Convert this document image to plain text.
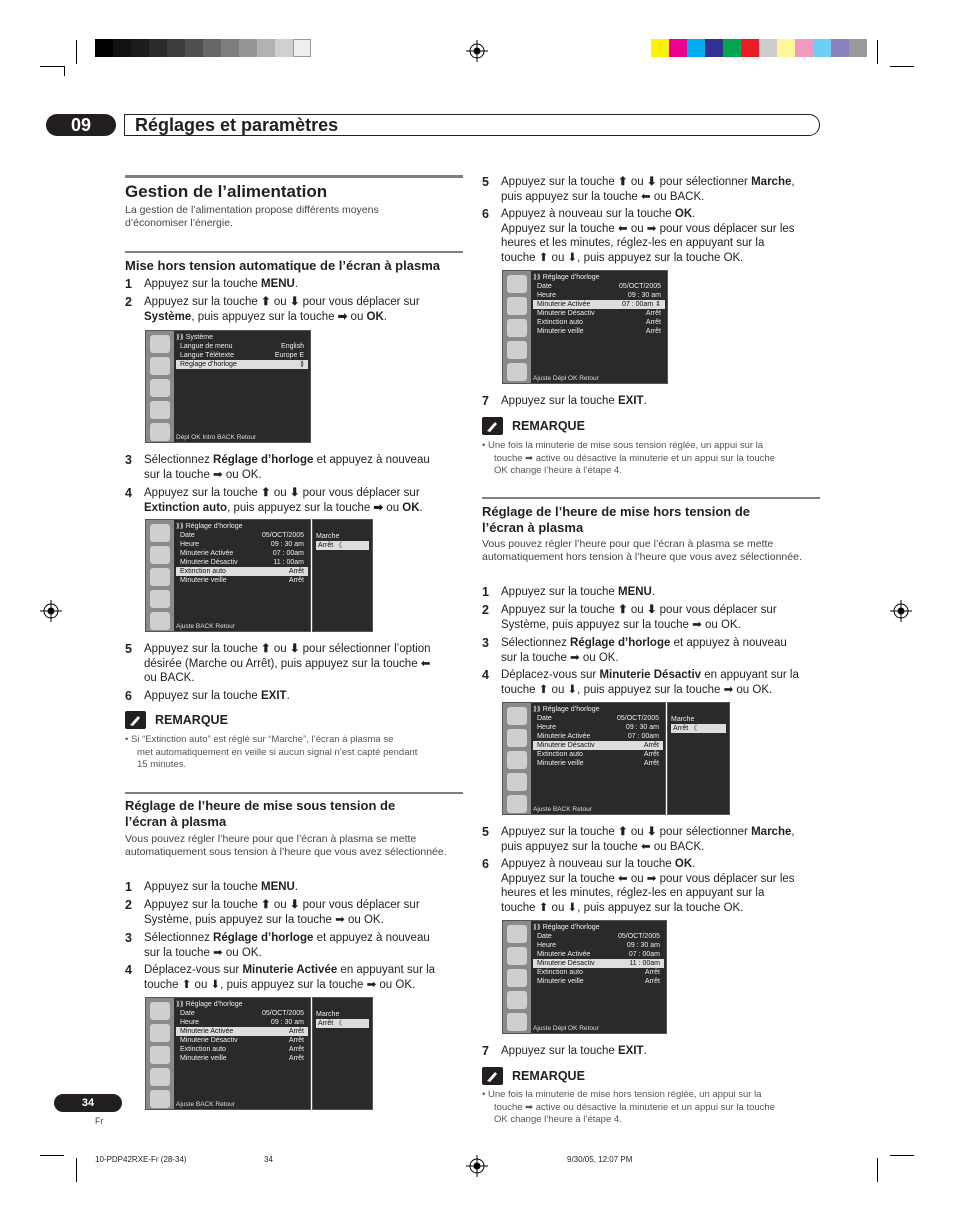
09	Réglages et paramètres
Gestion de l’alimentation

La gestion de l’alimentation propose différents moyens d’économiser l’énergie.

Mise hors tension automatique de l’écran à plasma
1 Appuyez sur la touche MENU.
2 Appuyez sur la touche ⬆ ou ⬇ pour vous déplacer sur
Système, puis appuyez sur la touche ➡ ou OK.
⟫⟫ Système
Langue de menu	English
Langue Télétexte	Europe E
Réglage d’horloge	⟫
Dépl OK Intro BACK Retour
3 Sélectionnez Réglage d’horloge et appuyez à nouveau
sur la touche ➡ ou OK.
4 Appuyez sur la touche ⬆ ou ⬇ pour vous déplacer sur
Extinction auto, puis appuyez sur la touche ➡ ou OK.
⟫⟫ Réglage d’horloge
Date	05/OCT/2005
Heure	09 : 30 am
Minuterie Activée	07 : 00am
Minuterie Désactiv	11 : 00am
Extinction auto	Arrêt
Minuterie veille	Arrêt
Ajuste BACK Retour
Marche
Arrêt 《
5 Appuyez sur la touche ⬆ ou ⬇ pour sélectionner l’option
désirée (Marche ou Arrêt), puis appuyez sur la touche ⬅
ou BACK.
6 Appuyez sur la touche EXIT.
REMARQUE
• Si “Extinction auto” est réglé sur “Marche”, l’écran à plasma se
met automatiquement en veille si aucun signal n’est capté pendant
15 minutes.
Réglage de l’heure de mise sous tension de
l’écran à plasma

Vous pouvez régler l’heure pour que l’écran à plasma se mette automatiquement sous tension à l’heure que vous avez sélectionnée.

1 Appuyez sur la touche MENU.
2 Appuyez sur la touche ⬆ ou ⬇ pour vous déplacer sur
Système, puis appuyez sur la touche ➡ ou OK.
3 Sélectionnez Réglage d’horloge et appuyez à nouveau
sur la touche ➡ ou OK.
4 Déplacez-vous sur Minuterie Activée en appuyant sur la
touche ⬆ ou ⬇, puis appuyez sur la touche ➡ ou OK.
⟫⟫ Réglage d’horloge
Date	05/OCT/2005
Heure	09 : 30 am
Minuterie Activée	Arrêt
Minuterie Désactiv	Arrêt
Extinction auto	Arrêt
Minuterie veille	Arrêt
Ajuste BACK Retour
Marche
Arrêt 《
5 Appuyez sur la touche ⬆ ou ⬇ pour sélectionner Marche,
puis appuyez sur la touche ⬅ ou BACK.
6 Appuyez à nouveau sur la touche OK.
Appuyez sur la touche ⬅ ou ➡ pour vous déplacer sur les
heures et les minutes, réglez-les en appuyant sur la
touche ⬆ ou ⬇, puis appuyez sur la touche OK.
⟫⟫ Réglage d’horloge
Date	05/OCT/2005
Heure	09 : 30 am
Minuterie Activée	07 : 00am ⇕
Minuterie Désactiv	Arrêt
Extinction auto	Arrêt
Minuterie veille	Arrêt
Ajuste Dépl OK Retour
7 Appuyez sur la touche EXIT.
REMARQUE
• Une fois la minuterie de mise sous tension réglée, un appui sur la
touche ➡ active ou désactive la minuterie et un appui sur la touche
OK change l’heure à l’étape 4.
Réglage de l’heure de mise hors tension de
l’écran à plasma

Vous pouvez régler l’heure pour que l’écran à plasma se mette automatiquement hors tension à l’heure que vous avez sélectionnée.

1 Appuyez sur la touche MENU.
2 Appuyez sur la touche ⬆ ou ⬇ pour vous déplacer sur
Système, puis appuyez sur la touche ➡ ou OK.
3 Sélectionnez Réglage d’horloge et appuyez à nouveau
sur la touche ➡ ou OK.
4 Déplacez-vous sur Minuterie Désactiv en appuyant sur la
touche ⬆ ou ⬇, puis appuyez sur la touche ➡ ou OK.
⟫⟫ Réglage d’horloge
Date	05/OCT/2005
Heure	09 : 30 am
Minuterie Activée	07 : 00am
Minuterie Désactiv	Arrêt
Extinction auto	Arrêt
Minuterie veille	Arrêt
Ajuste BACK Retour
Marche
Arrêt 《
5 Appuyez sur la touche ⬆ ou ⬇ pour sélectionner Marche,
puis appuyez sur la touche ⬅ ou BACK.
6 Appuyez à nouveau sur la touche OK.
Appuyez sur la touche ⬅ ou ➡ pour vous déplacer sur les
heures et les minutes, réglez-les en appuyant sur la
touche ⬆ ou ⬇, puis appuyez sur la touche OK.
⟫⟫ Réglage d’horloge
Date	05/OCT/2005
Heure	09 : 30 am
Minuterie Activée	07 : 00am
Minuterie Désactiv	11 : 00am
Extinction auto	Arrêt
Minuterie veille	Arrêt
Ajuste Dépl OK Retour
7 Appuyez sur la touche EXIT.
REMARQUE
• Une fois la minuterie de mise hors tension réglée, un appui sur la
touche ➡ active ou désactive la minuterie et un appui sur la touche
OK change l’heure à l’étape 4.
34
Fr
10-PDP42RXE-Fr (28-34)	34	9/30/05, 12:07 PM
